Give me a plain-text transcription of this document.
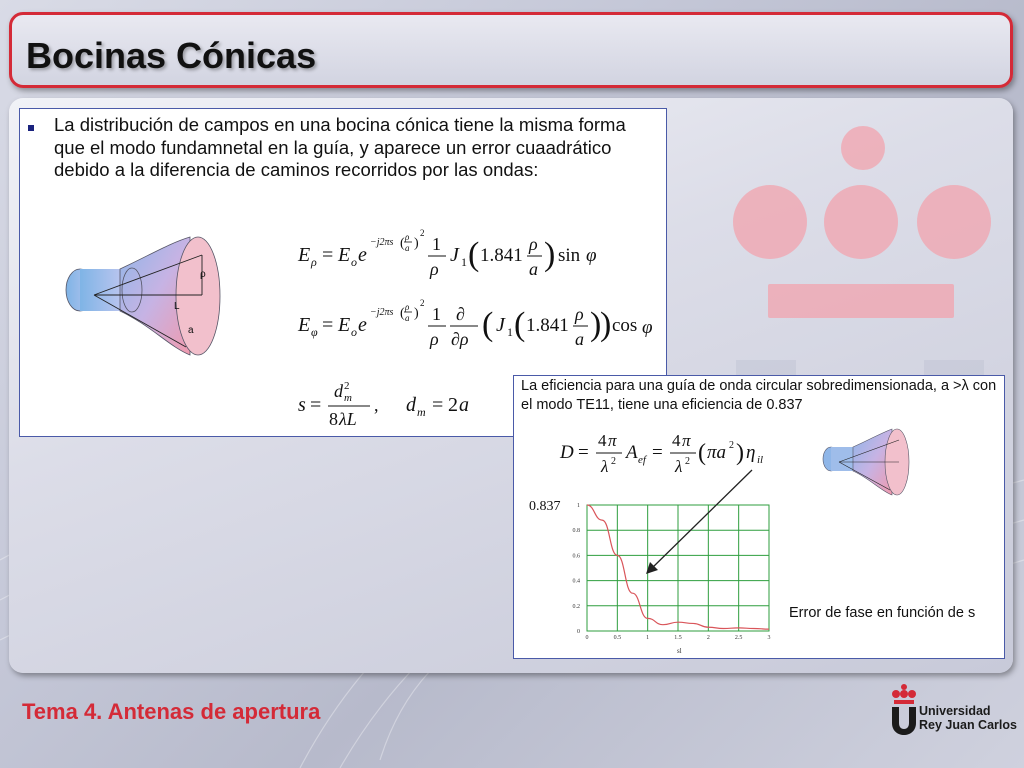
Bocinas Cónicas
La distribución de campos en una bocina cónica tiene la misma forma que el modo fundamnetal en la guía, y aparece un error cuaadrático debido a la diferencia de caminos recorridos por las ondas:
ρ
L
a
E ρ = E o e
−j2πs ( ρ
a )
2
1
ρ
J 1 ( 1.841
ρ
a ) sin φ
E φ = E o e
−j2πs ( ρ
a )
2
1
ρ
∂
∂ρ ( J 1 ( 1.841
ρ
a )
) cos φ
s =
d m
2
8 λL
, d m = 2 a
La eficiencia para una guía de onda circular sobredimensionada, a >λ con el modo TE11, tiene una eficiencia de 0.837
D =
4 π
λ 2 A ef =
4 π
λ 2 ( πa 2 ) η il
Error de fase en función de s
0.837	1
0.8
0.6
0.4
0.2
0
0	0.5	1	1.5	2	2.5	3
sl
Tema 4. Antenas de apertura	Universidad
Rey Juan Carlos
